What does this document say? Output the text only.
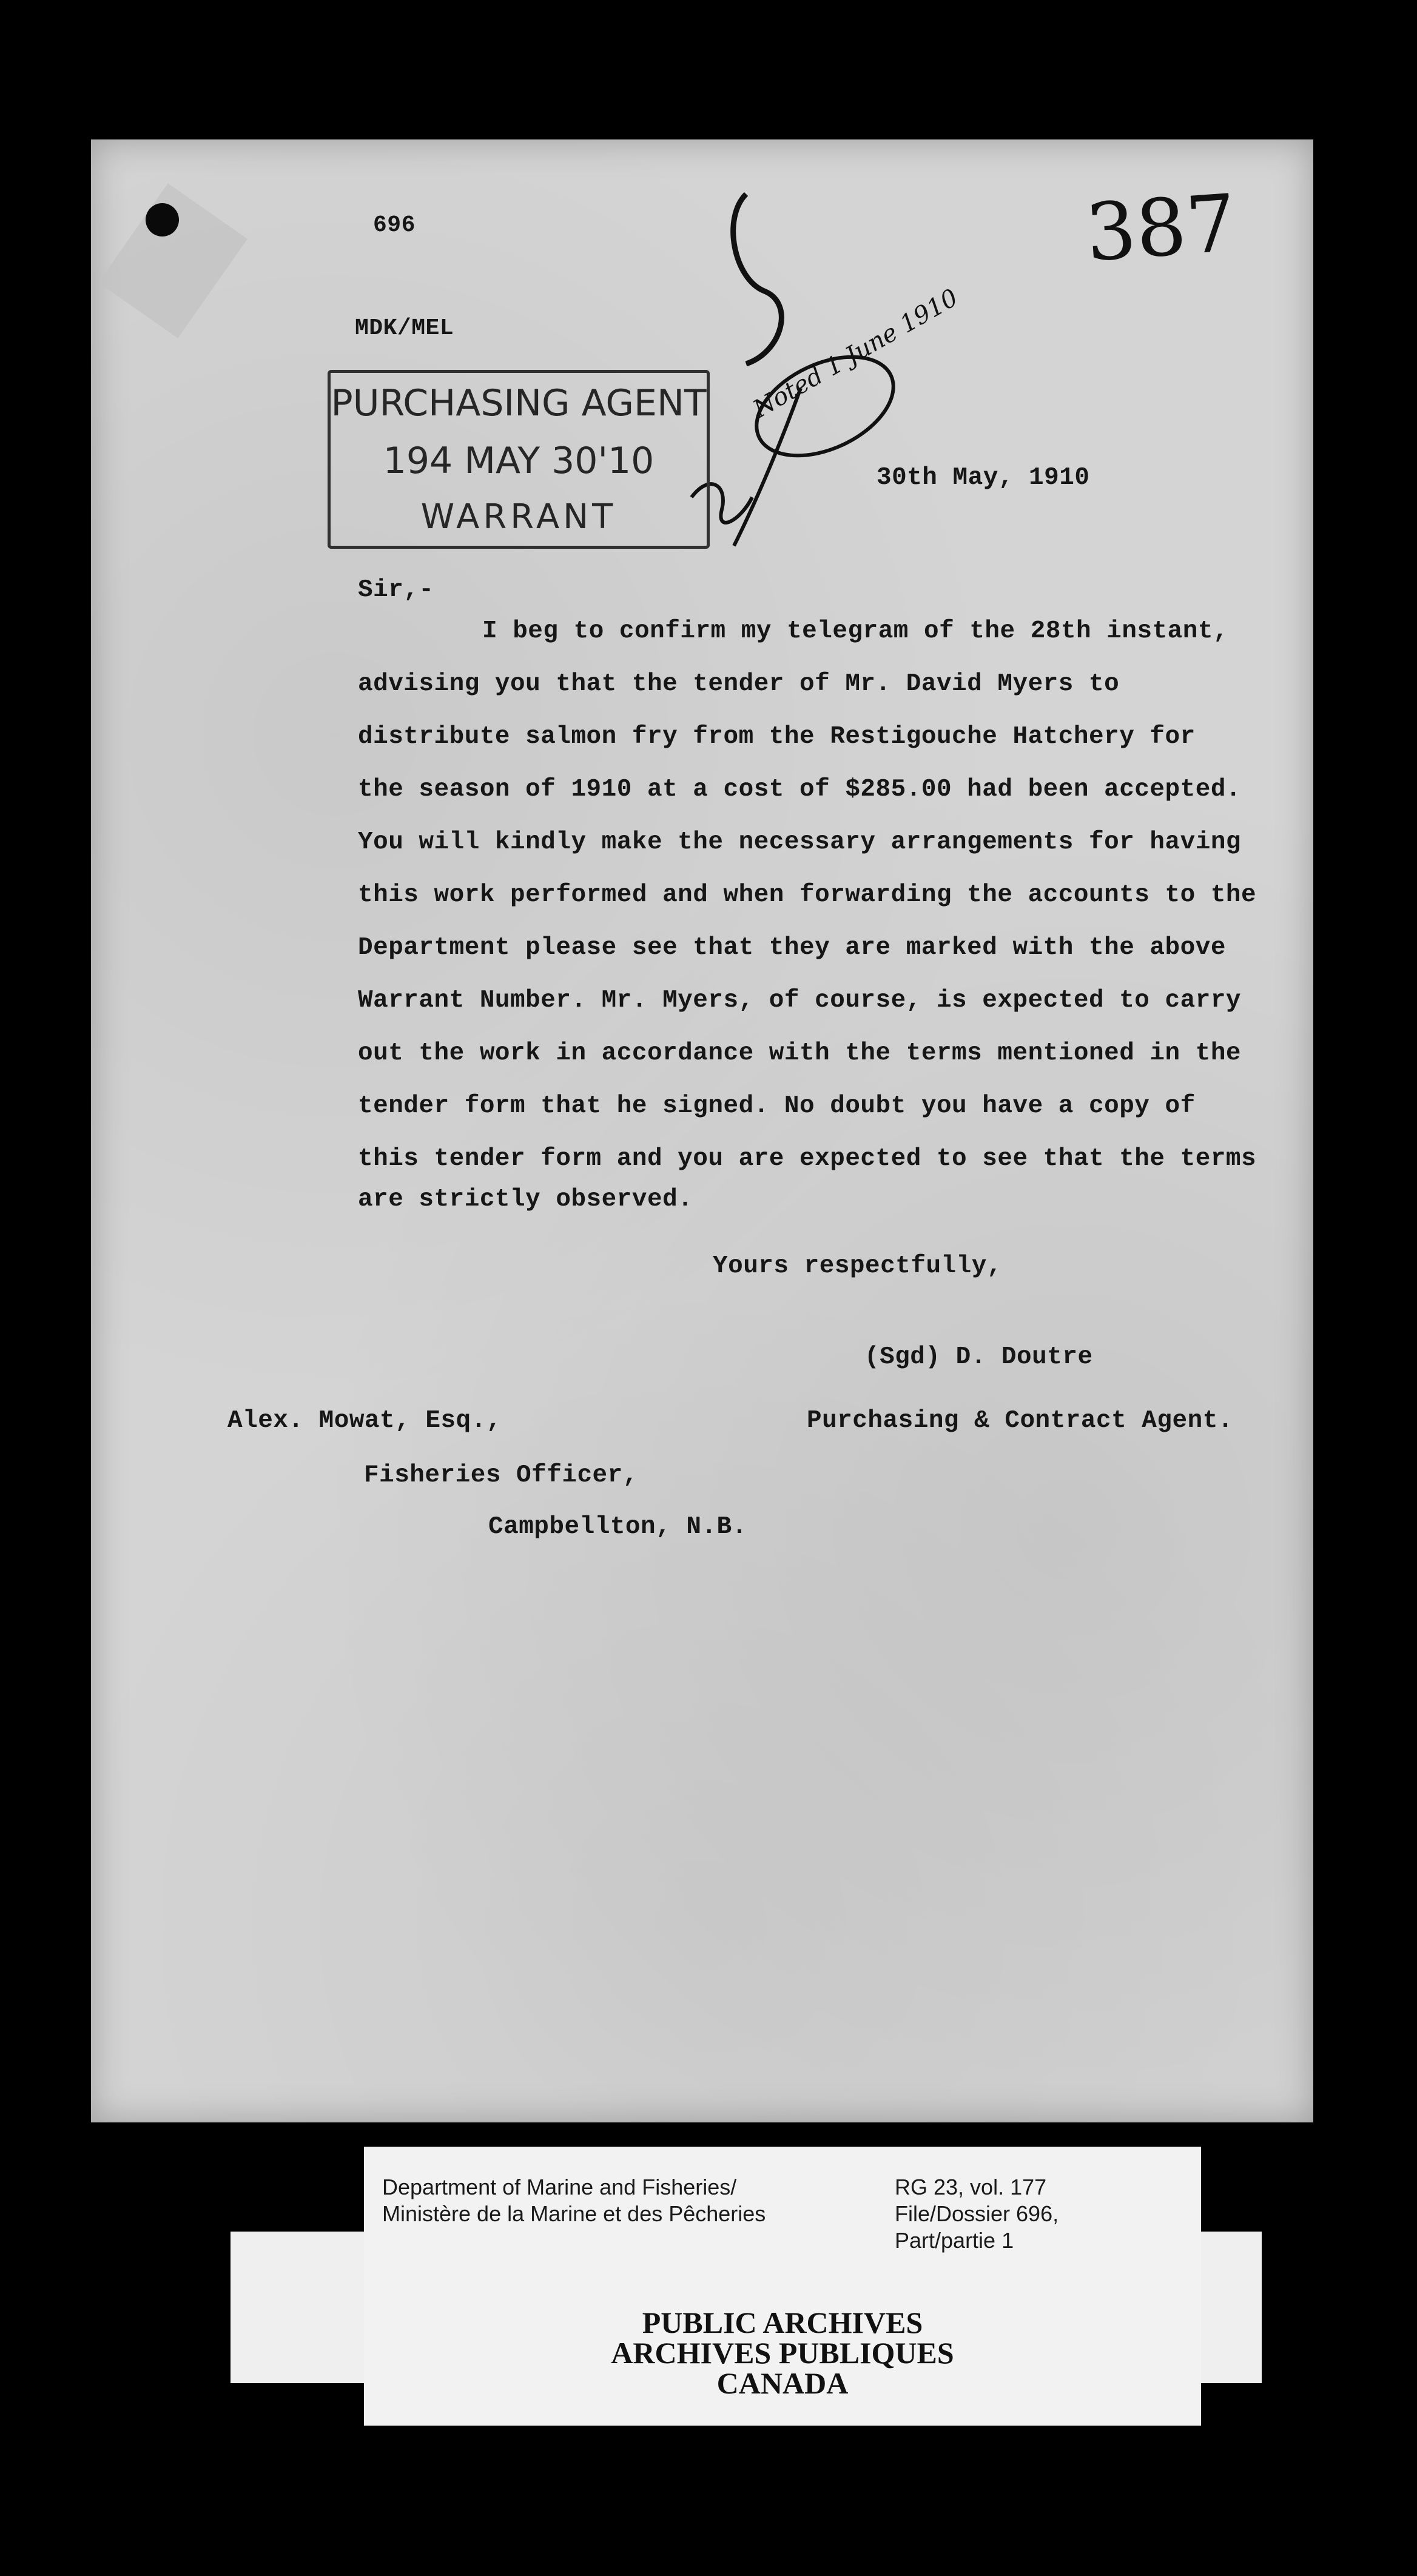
696
MDK/MEL
387
Noted 1 June 1910
PURCHASING AGENT
194 MAY 30'10
WARRANT
30th May, 1910
Sir,-
I beg to confirm my telegram of the 28th instant,
advising you that the tender of Mr. David Myers to
distribute salmon fry from the Restigouche Hatchery for
the season of 1910 at a cost of $285.00 had been accepted.
You will kindly make the necessary arrangements for having
this work performed and when forwarding the accounts to the
Department please see that they are marked with the above
Warrant Number. Mr. Myers, of course, is expected to carry
out the work in accordance with the terms mentioned in the
tender form that he signed. No doubt you have a copy of
this tender form and you are expected to see that the terms
are strictly observed.
Yours respectfully,
(Sgd) D. Doutre
Purchasing & Contract Agent.
Alex. Mowat, Esq.,
Fisheries Officer,
Campbellton, N.B.
Department of Marine and Fisheries/
Ministère de la Marine et des Pêcheries
RG 23, vol. 177
File/Dossier 696,
Part/partie 1
PUBLIC ARCHIVES
ARCHIVES PUBLIQUES
CANADA
